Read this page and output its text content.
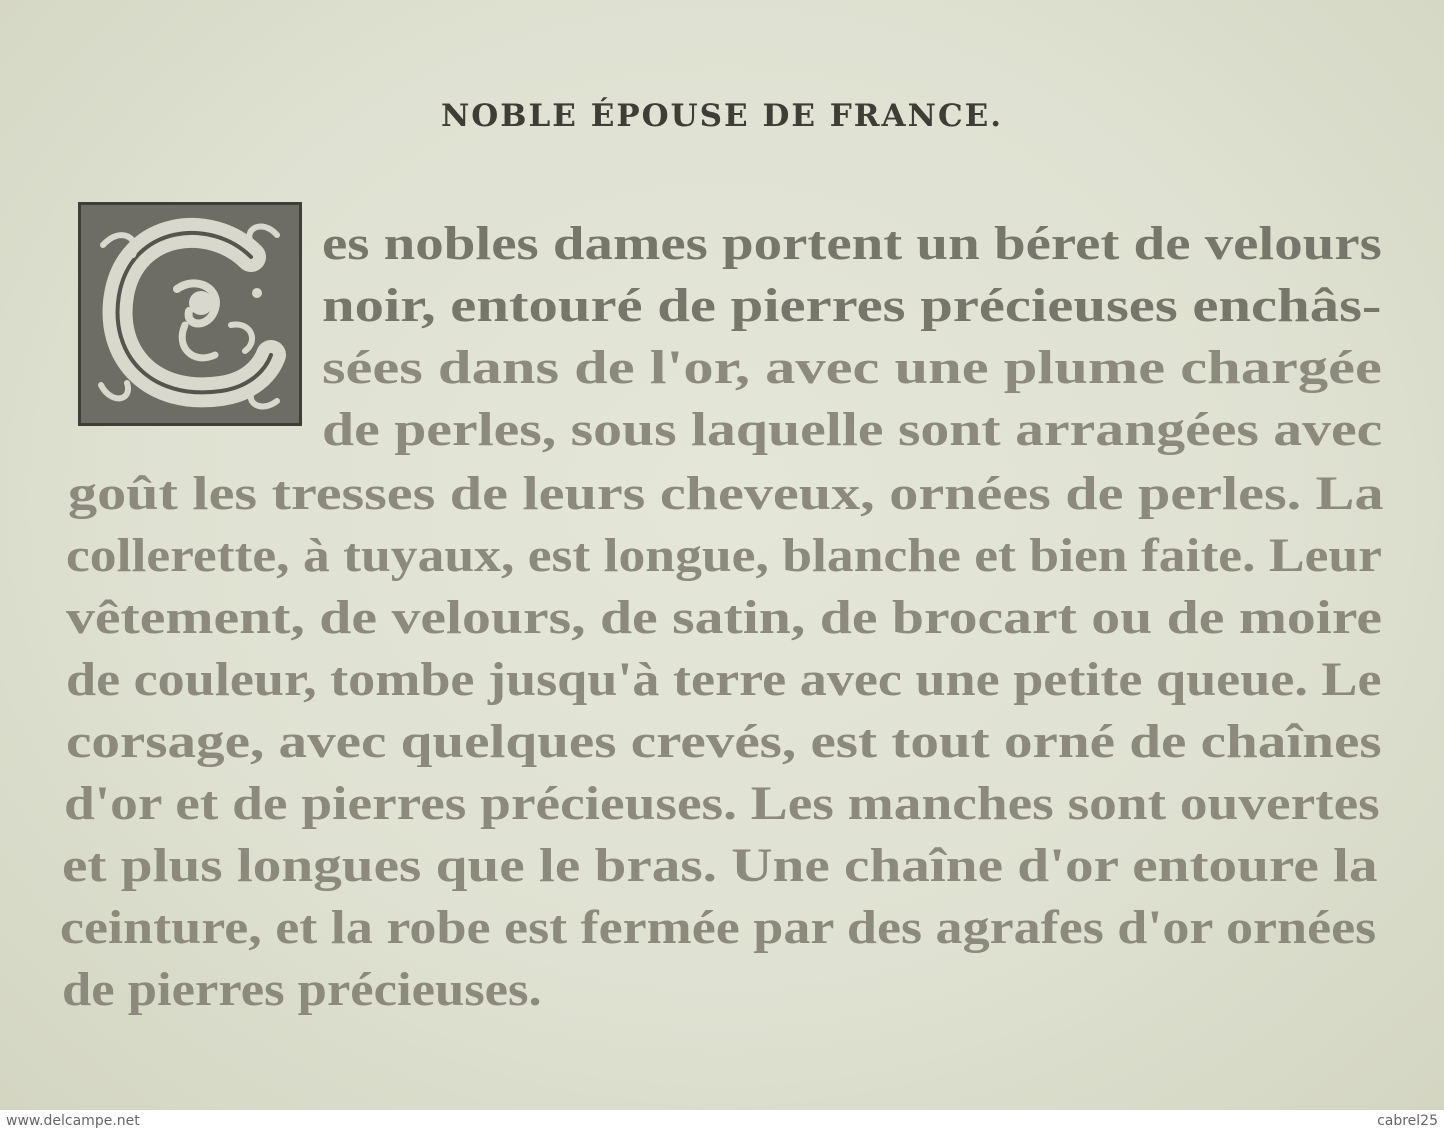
NOBLE ÉPOUSE DE FRANCE.
es nobles dames portent un béret de velours
noir, entouré de pierres précieuses enchâs-
sées dans de l'or, avec une plume chargée
de perles, sous laquelle sont arrangées avec
goût les tresses de leurs cheveux, ornées de perles. La
collerette, à tuyaux, est longue, blanche et bien faite. Leur
vêtement, de velours, de satin, de brocart ou de moire
de couleur, tombe jusqu'à terre avec une petite queue. Le
corsage, avec quelques crevés, est tout orné de chaînes
d'or et de pierres précieuses. Les manches sont ouvertes
et plus longues que le bras. Une chaîne d'or entoure la
ceinture, et la robe est fermée par des agrafes d'or ornées
de pierres précieuses.
www.delcampe.net	cabrel25
